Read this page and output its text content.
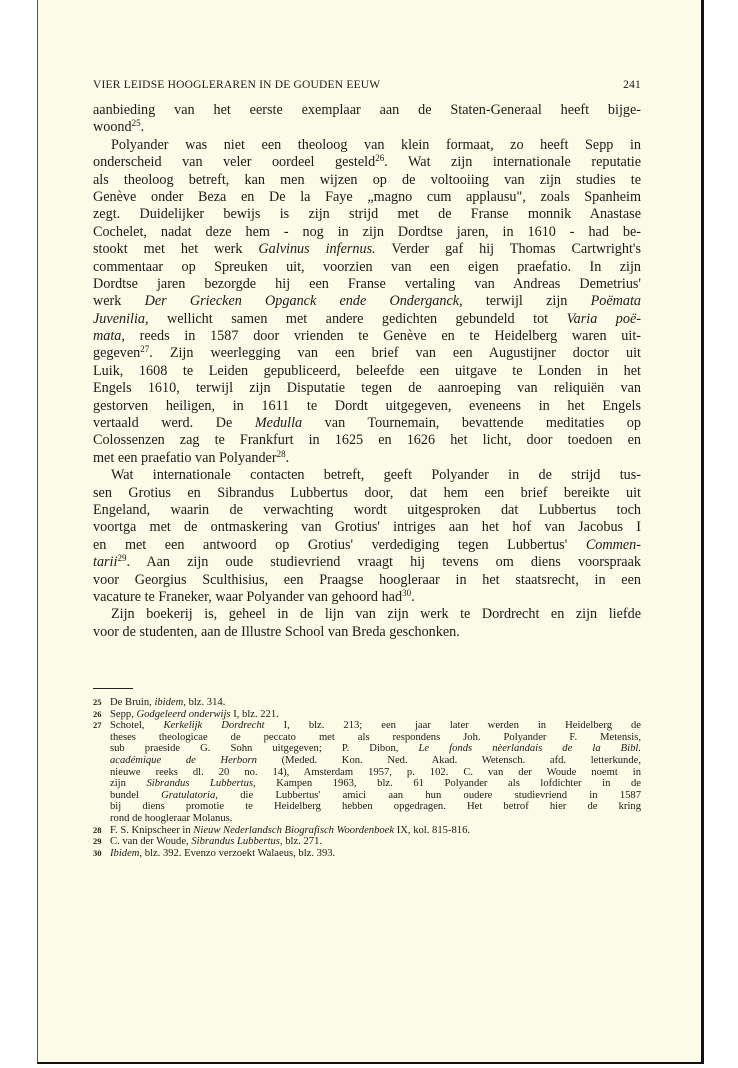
VIER LEIDSE HOOGLERAREN IN DE GOUDEN EEUW	241
aanbieding van het eerste exemplaar aan de Staten-Generaal heeft bijge-
woond$^{25}$.
Polyander was niet een theoloog van klein formaat, zo heeft Sepp in
onderscheid van veler oordeel gesteld$^{26}$. Wat zijn internationale reputatie
als theoloog betreft, kan men wijzen op de voltooiing van zijn studies te
Genève onder Beza en De la Faye „magno cum applausu", zoals Spanheim
zegt. Duidelijker bewijs is zijn strijd met de Franse monnik Anastase
Cochelet, nadat deze hem - nog in zijn Dordtse jaren, in 1610 - had be-
stookt met het werk Galvinus infernus. Verder gaf hij Thomas Cartwright's
commentaar op Spreuken uit, voorzien van een eigen praefatio. In zijn
Dordtse jaren bezorgde hij een Franse vertaling van Andreas Demetrius'
werk Der Griecken Opganck ende Onderganck, terwijl zijn Poëmata
Juvenilia, wellicht samen met andere gedichten gebundeld tot Varia poë-
mata, reeds in 1587 door vrienden te Genève en te Heidelberg waren uit-
gegeven$^{27}$. Zijn weerlegging van een brief van een Augustijner doctor uit
Luik, 1608 te Leiden gepubliceerd, beleefde een uitgave te Londen in het
Engels 1610, terwijl zijn Disputatie tegen de aanroeping van reliquiën van
gestorven heiligen, in 1611 te Dordt uitgegeven, eveneens in het Engels
vertaald werd. De Medulla van Tournemain, bevattende meditaties op
Colossenzen zag te Frankfurt in 1625 en 1626 het licht, door toedoen en
met een praefatio van Polyander$^{28}$.
Wat internationale contacten betreft, geeft Polyander in de strijd tus-
sen Grotius en Sibrandus Lubbertus door, dat hem een brief bereikte uit
Engeland, waarin de verwachting wordt uitgesproken dat Lubbertus toch
voortga met de ontmaskering van Grotius' intriges aan het hof van Jacobus I
en met een antwoord op Grotius' verdediging tegen Lubbertus' Commen-
tarii$^{29}$. Aan zijn oude studievriend vraagt hij tevens om diens voorspraak
voor Georgius Sculthisius, een Praagse hoogleraar in het staatsrecht, in een
vacature te Franeker, waar Polyander van gehoord had$^{30}$.
Zijn boekerij is, geheel in de lijn van zijn werk te Dordrecht en zijn liefde
voor de studenten, aan de Illustre School van Breda geschonken.
25 De Bruin, ibidem, blz. 314.
26 Sepp, Godgeleerd onderwijs I, blz. 221.
27 Schotel, Kerkelijk Dordrecht I, blz. 213; een jaar later werden in Heidelberg de
theses theologicae de peccato met als respondens Joh. Polyander F. Metensis,
sub praeside G. Sohn uitgegeven; P. Dibon, Le fonds nèerlandais de la Bibl.
académique de Herborn (Meded. Kon. Ned. Akad. Wetensch. afd. letterkunde,
nieuwe reeks dl. 20 no. 14), Amsterdam 1957, p. 102. C. van der Woude noemt in
zijn Sibrandus Lubbertus, Kampen 1963, blz. 61 Polyander als lofdichter in de
bundel Gratulatoria, die Lubbertus' amici aan hun oudere studievriend in 1587
bij diens promotie te Heidelberg hebben opgedragen. Het betrof hier de kring
rond de hoogleraar Molanus.
28 F. S. Knipscheer in Nieuw Nederlandsch Biografisch Woordenboek IX, kol. 815-816.
29 C. van der Woude, Sibrandus Lubbertus, blz. 271.
30 Ibidem, blz. 392. Evenzo verzoekt Walaeus, blz. 393.
